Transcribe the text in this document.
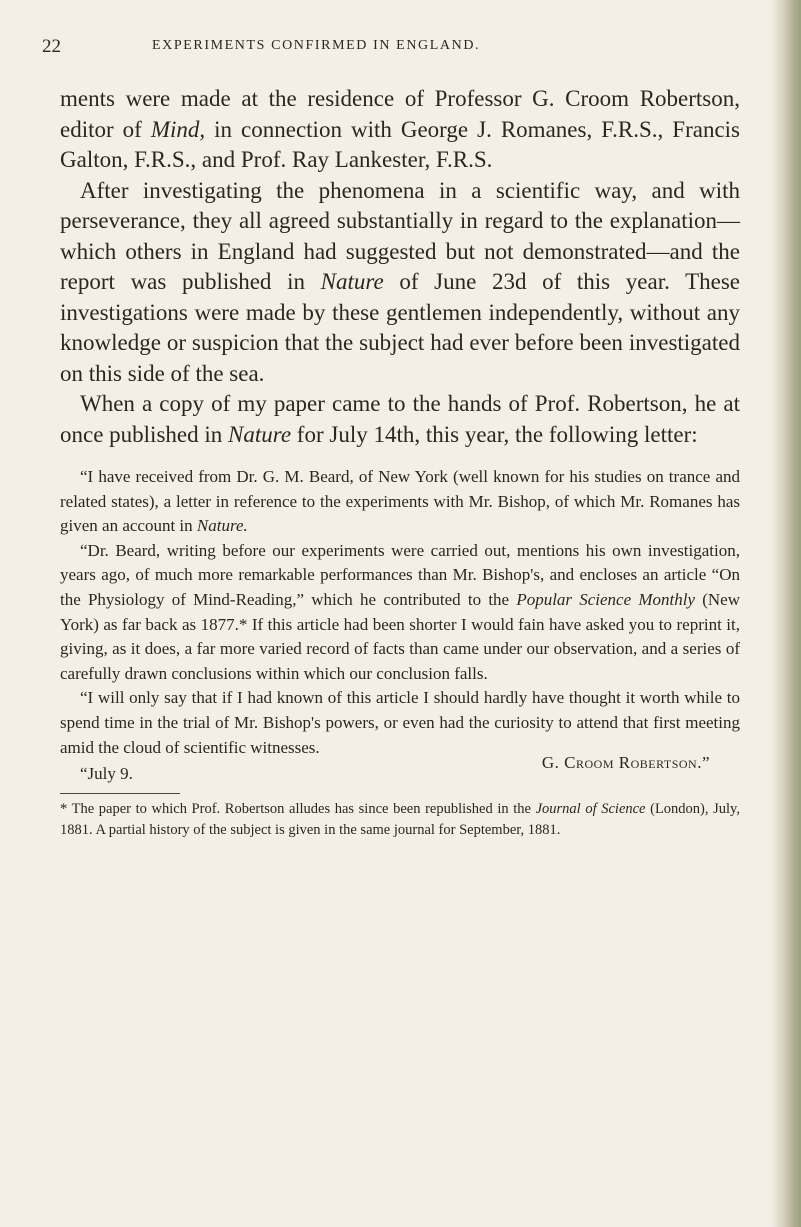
22	EXPERIMENTS CONFIRMED IN ENGLAND.

ments were made at the residence of Professor G. Croom Robertson, editor of Mind, in connection with George J. Romanes, F.R.S., Francis Galton, F.R.S., and Prof. Ray Lankester, F.R.S.

After investigating the phenomena in a scientific way, and with perseverance, they all agreed substantially in regard to the explanation—which others in England had suggested but not demonstrated—and the report was published in Nature of June 23d of this year. These investigations were made by these gentlemen independently, without any knowledge or suspicion that the subject had ever before been investigated on this side of the sea.

When a copy of my paper came to the hands of Prof. Robertson, he at once published in Nature for July 14th, this year, the following letter:

“I have received from Dr. G. M. Beard, of New York (well known for his studies on trance and related states), a letter in reference to the experiments with Mr. Bishop, of which Mr. Romanes has given an account in Nature.

“Dr. Beard, writing before our experiments were carried out, mentions his own investigation, years ago, of much more remarkable performances than Mr. Bishop's, and encloses an article “On the Physiology of Mind-Reading,” which he contributed to the Popular Science Monthly (New York) as far back as 1877.* If this article had been shorter I would fain have asked you to reprint it, giving, as it does, a far more varied record of facts than came under our observation, and a series of carefully drawn conclusions within which our conclusion falls.

“I will only say that if I had known of this article I should hardly have thought it worth while to spend time in the trial of Mr. Bishop's powers, or even had the curiosity to attend that first meeting amid the cloud of scientific witnesses.

“July 9.
G. Croom Robertson.”

* The paper to which Prof. Robertson alludes has since been republished in the Journal of Science (London), July, 1881. A partial history of the subject is given in the same journal for September, 1881.
